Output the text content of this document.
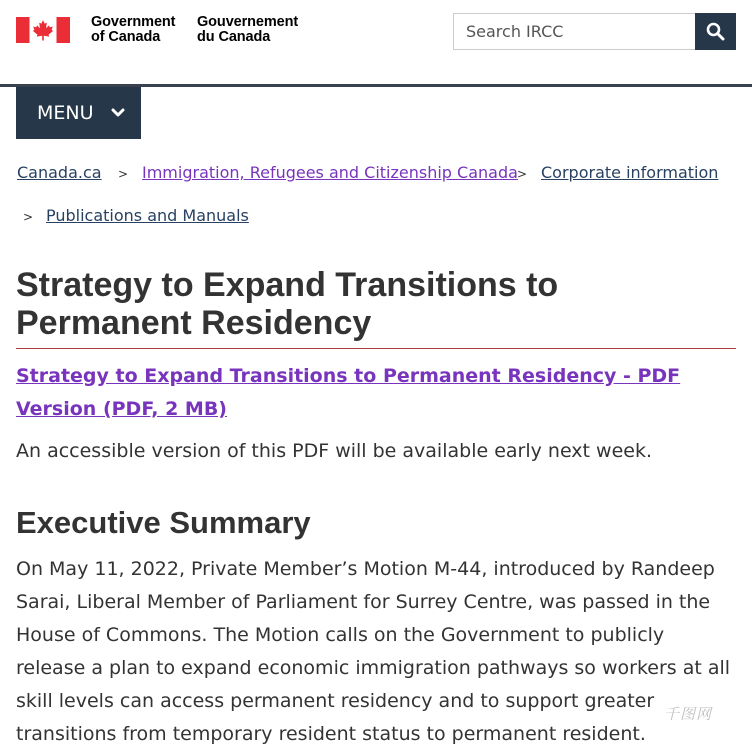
Government
of Canada
Gouvernement
du Canada
Search IRCC
MENU
Canada.ca > Immigration, Refugees and Citizenship Canada > Corporate information
> Publications and Manuals
Strategy to Expand Transitions to Permanent Residency
Strategy to Expand Transitions to Permanent Residency - PDF Version (PDF, 2 MB)

An accessible version of this PDF will be available early next week.

Executive Summary

On May 11, 2022, Private Member’s Motion M-44, introduced by Randeep Sarai, Liberal Member of Parliament for Surrey Centre, was passed in the House of Commons. The Motion calls on the Government to publicly release a plan to expand economic immigration pathways so workers at all skill levels can access permanent residency and to support greater transitions from temporary resident status to permanent resident.

千图网
